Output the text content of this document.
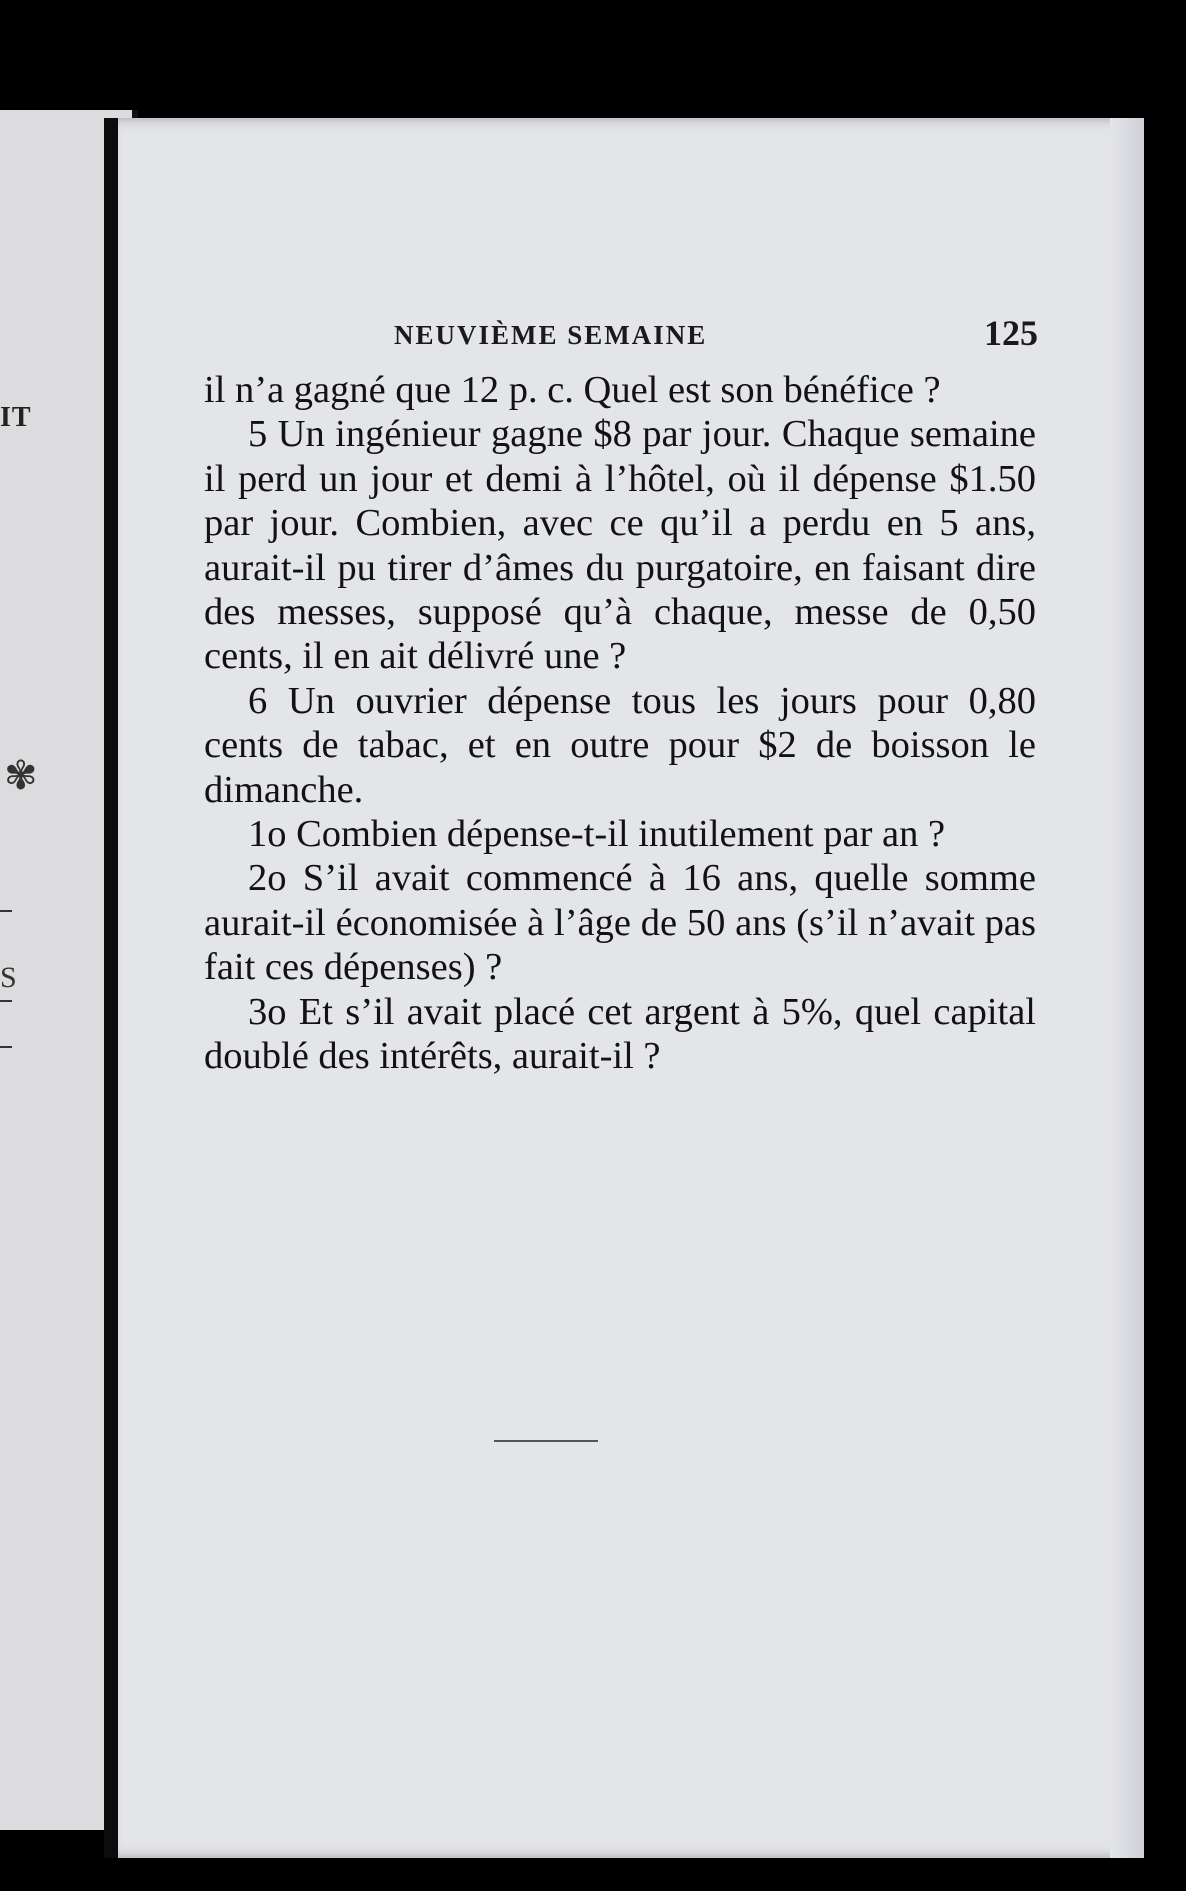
IT
✾
S
NEUVIÈME SEMAINE	125

il n’a gagné que 12 p. c. Quel est son bénéfice ?

5 Un ingénieur gagne $8 par jour. Chaque semaine il perd un jour et demi à l’hôtel, où il dépense $1.50 par jour. Combien, avec ce qu’il a perdu en 5 ans, aurait-il pu tirer d’âmes du purgatoire, en faisant dire des messes, supposé qu’à chaque, messe de 0,50 cents, il en ait délivré une ?

6 Un ouvrier dépense tous les jours pour 0,80 cents de tabac, et en outre pour $2 de boisson le dimanche.

1o Combien dépense-t-il inutilement par an ?

2o S’il avait commencé à 16 ans, quelle somme aurait-il économisée à l’âge de 50 ans (s’il n’avait pas fait ces dépenses) ?

3o Et s’il avait placé cet argent à 5%, quel capital doublé des intérêts, aurait-il ?
